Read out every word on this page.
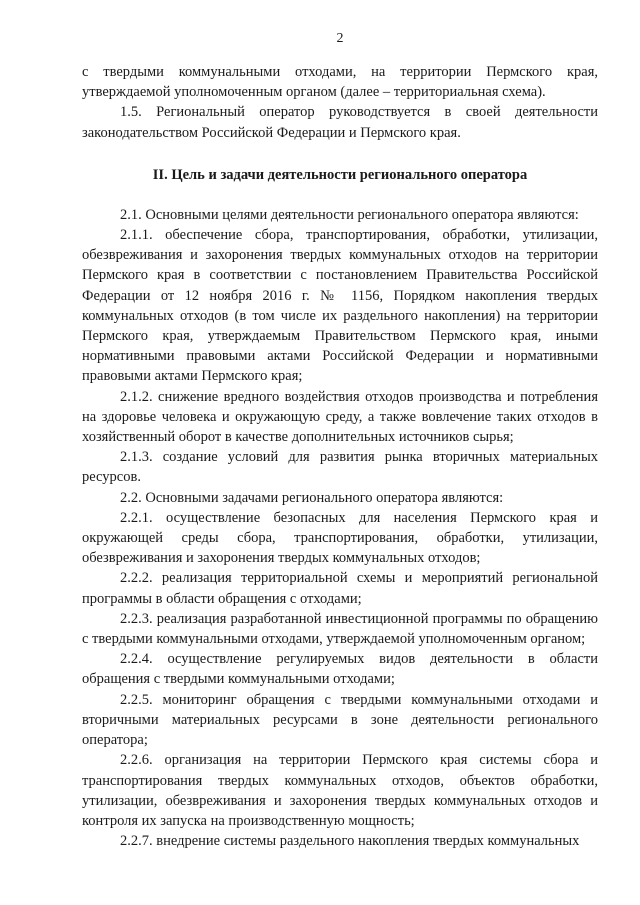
2

с твердыми коммунальными отходами, на территории Пермского края, утверждаемой уполномоченным органом (далее – территориальная схема).

1.5. Региональный оператор руководствуется в своей деятельности законодательством Российской Федерации и Пермского края.

II. Цель и задачи деятельности регионального оператора

2.1. Основными целями деятельности регионального оператора являются:

2.1.1. обеспечение сбора, транспортирования, обработки, утилизации, обезвреживания и захоронения твердых коммунальных отходов на территории Пермского края в соответствии с постановлением Правительства Российской Федерации от 12 ноября 2016 г. № 1156, Порядком накопления твердых коммунальных отходов (в том числе их раздельного накопления) на территории Пермского края, утверждаемым Правительством Пермского края, иными нормативными правовыми актами Российской Федерации и нормативными правовыми актами Пермского края;

2.1.2. снижение вредного воздействия отходов производства и потребления на здоровье человека и окружающую среду, а также вовлечение таких отходов в хозяйственный оборот в качестве дополнительных источников сырья;

2.1.3. создание условий для развития рынка вторичных материальных ресурсов.

2.2. Основными задачами регионального оператора являются:

2.2.1. осуществление безопасных для населения Пермского края и окружающей среды сбора, транспортирования, обработки, утилизации, обезвреживания и захоронения твердых коммунальных отходов;

2.2.2. реализация территориальной схемы и мероприятий региональной программы в области обращения с отходами;

2.2.3. реализация разработанной инвестиционной программы по обращению с твердыми коммунальными отходами, утверждаемой уполномоченным органом;

2.2.4. осуществление регулируемых видов деятельности в области обращения с твердыми коммунальными отходами;

2.2.5. мониторинг обращения с твердыми коммунальными отходами и вторичными материальных ресурсами в зоне деятельности регионального оператора;

2.2.6. организация на территории Пермского края системы сбора и транспортирования твердых коммунальных отходов, объектов обработки, утилизации, обезвреживания и захоронения твердых коммунальных отходов и контроля их запуска на производственную мощность;

2.2.7. внедрение системы раздельного накопления твердых коммунальных
